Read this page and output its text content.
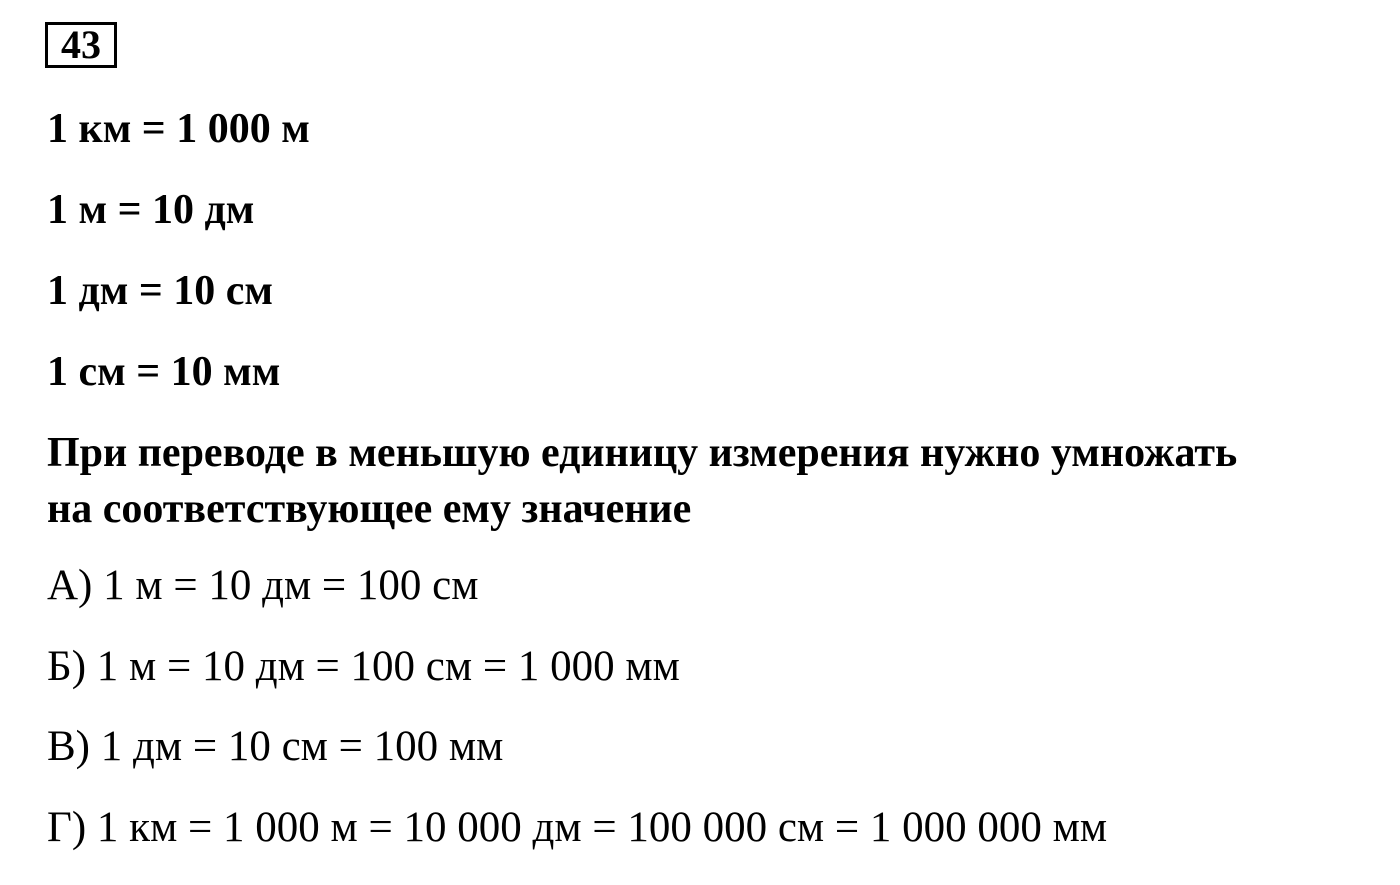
43
1 км = 1 000 м
1 м = 10 дм
1 дм = 10 см
1 см = 10 мм
При переводе в меньшую единицу измерения нужно умножать
на соответствующее ему значение
А) 1 м = 10 дм = 100 см
Б) 1 м = 10 дм = 100 см = 1 000 мм
В) 1 дм = 10 см = 100 мм
Г) 1 км = 1 000 м = 10 000 дм = 100 000 см = 1 000 000 мм
